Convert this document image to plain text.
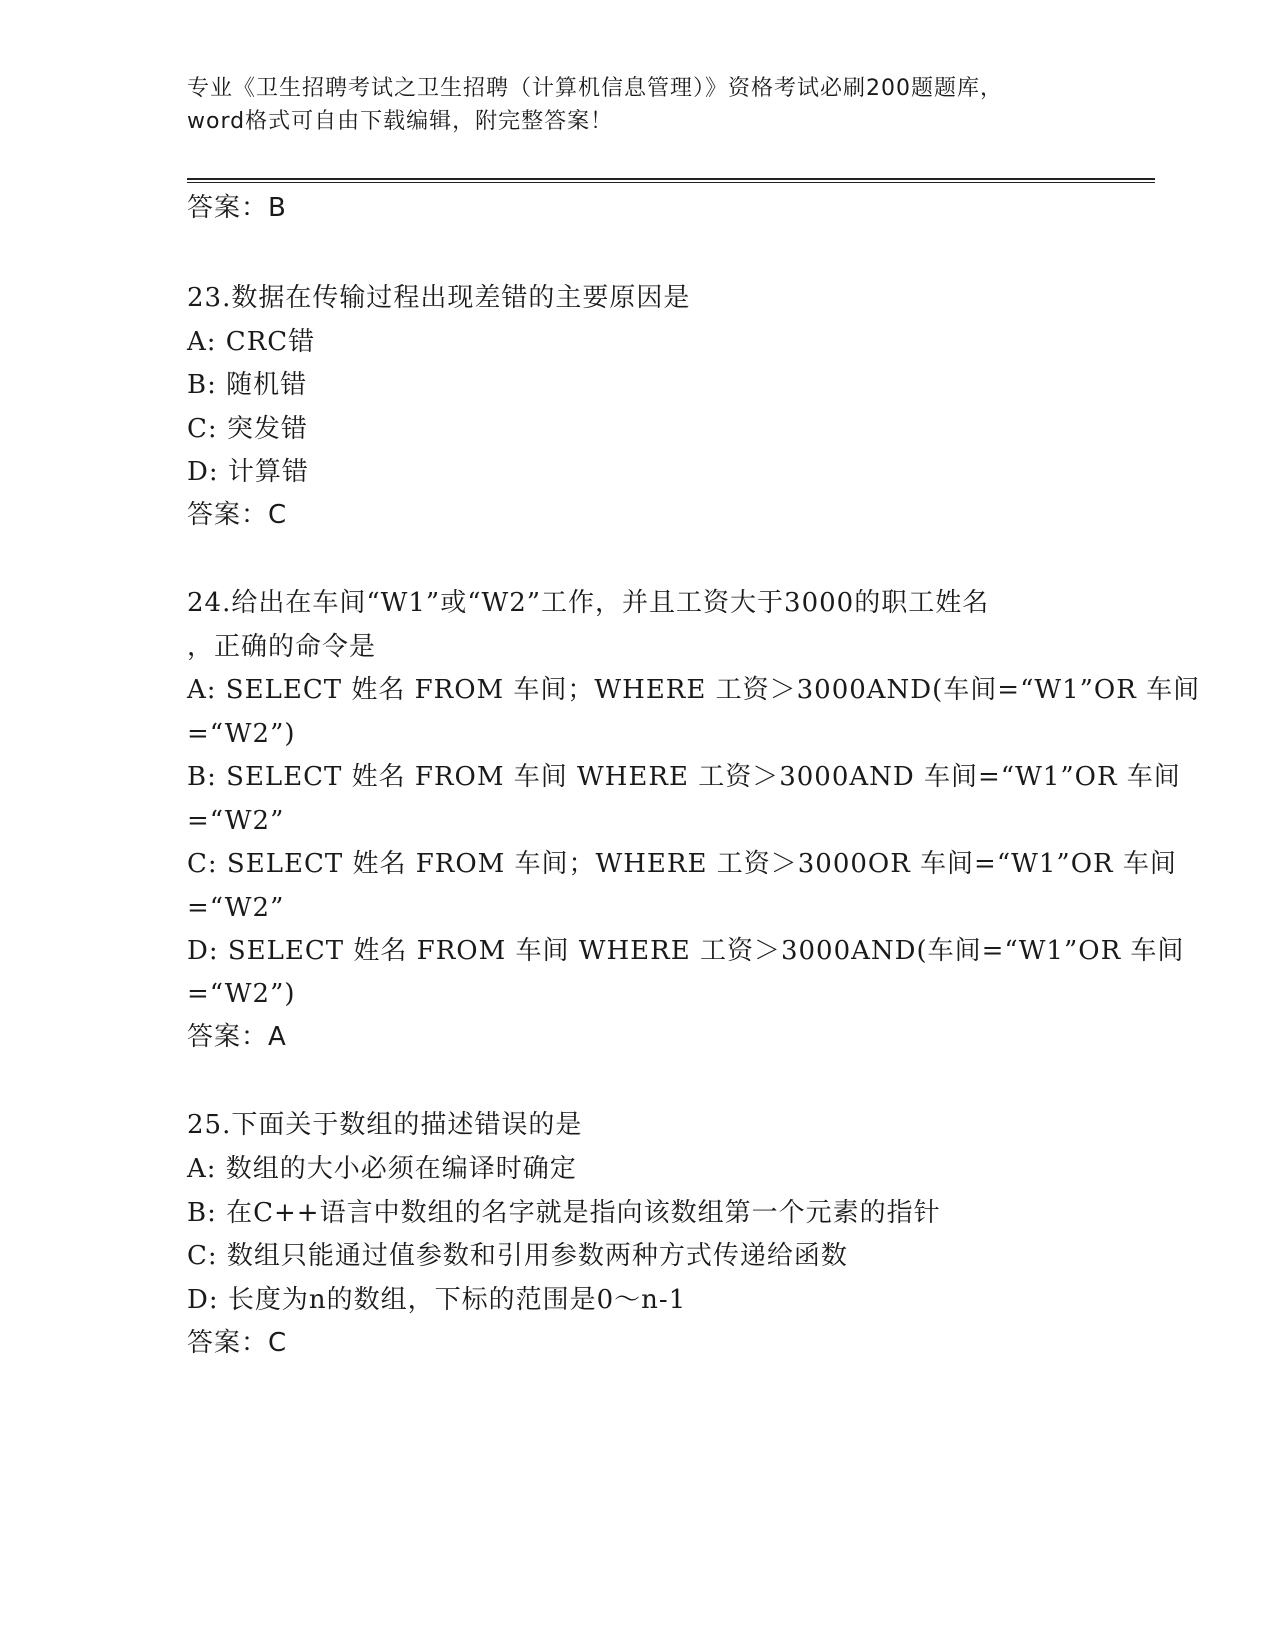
专业《卫生招聘考试之卫生招聘（计算机信息管理）》资格考试必刷200题题库，
word格式可自由下载编辑，附完整答案！
答案：B
23.数据在传输过程出现差错的主要原因是
A: CRC错
B: 随机错
C: 突发错
D: 计算错
答案：C
24.给出在车间“W1”或“W2”工作，并且工资大于3000的职工姓名
，正确的命令是
A: SELECT 姓名 FROM 车间；WHERE 工资＞3000AND(车间=“W1”OR 车间
=“W2”)
B: SELECT 姓名 FROM 车间 WHERE 工资＞3000AND 车间=“W1”OR 车间
=“W2”
C: SELECT 姓名 FROM 车间；WHERE 工资＞3000OR 车间=“W1”OR 车间
=“W2”
D: SELECT 姓名 FROM 车间 WHERE 工资＞3000AND(车间=“W1”OR 车间
=“W2”)
答案：A
25.下面关于数组的描述错误的是
A: 数组的大小必须在编译时确定
B: 在C++语言中数组的名字就是指向该数组第一个元素的指针
C: 数组只能通过值参数和引用参数两种方式传递给函数
D: 长度为n的数组，下标的范围是0～n-1
答案：C
